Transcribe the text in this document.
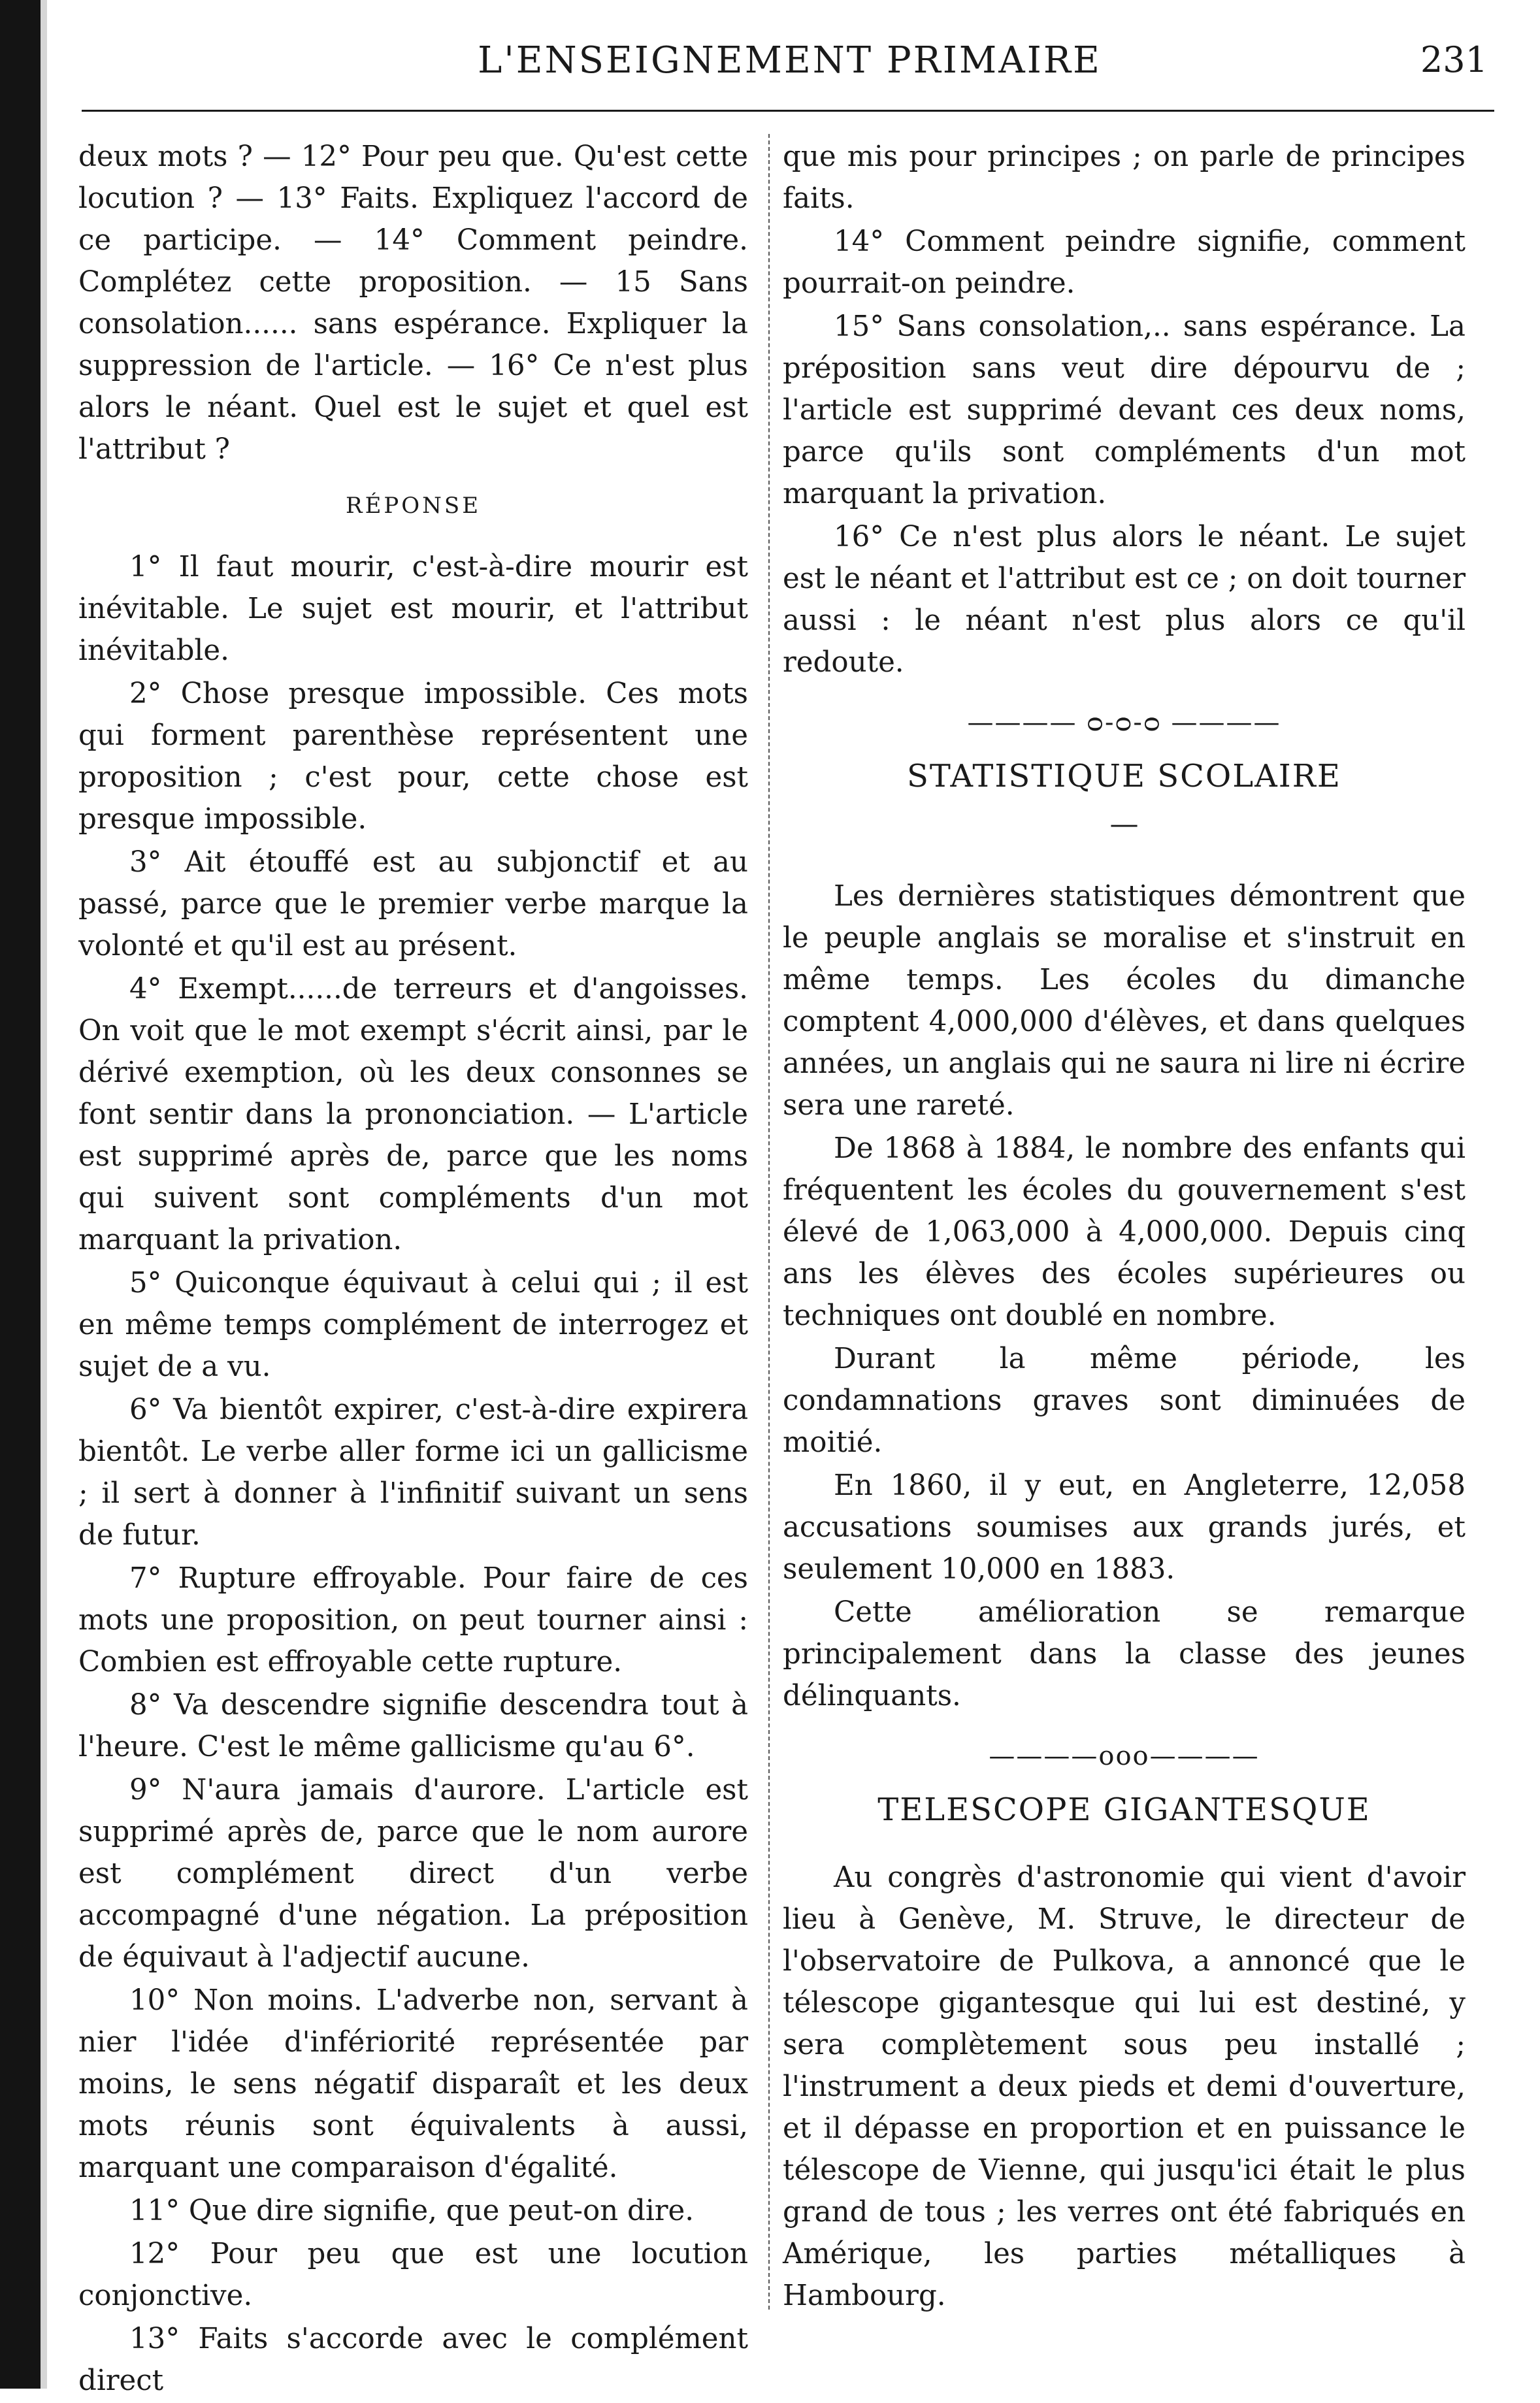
L'ENSEIGNEMENT PRIMAIRE	231

deux mots ? — 12° Pour peu que. Qu'est cette locution ? — 13° Faits. Expliquez l'accord de ce participe. — 14° Comment peindre. Complétez cette proposition. — 15 Sans consolation...... sans espérance. Expliquer la suppression de l'article. — 16° Ce n'est plus alors le néant. Quel est le sujet et quel est l'attribut ?

RÉPONSE

1° Il faut mourir, c'est-à-dire mourir est inévitable. Le sujet est mourir, et l'attribut inévitable.

2° Chose presque impossible. Ces mots qui forment parenthèse représentent une proposition ; c'est pour, cette chose est presque impossible.

3° Ait étouffé est au subjonctif et au passé, parce que le premier verbe marque la volonté et qu'il est au présent.

4° Exempt......de terreurs et d'angoisses. On voit que le mot exempt s'écrit ainsi, par le dérivé exemption, où les deux consonnes se font sentir dans la prononciation. — L'article est supprimé après de, parce que les noms qui suivent sont compléments d'un mot marquant la privation.

5° Quiconque équivaut à celui qui ; il est en même temps complément de interrogez et sujet de a vu.

6° Va bientôt expirer, c'est-à-dire expirera bientôt. Le verbe aller forme ici un gallicisme ; il sert à donner à l'infinitif suivant un sens de futur.

7° Rupture effroyable. Pour faire de ces mots une proposition, on peut tourner ainsi : Combien est effroyable cette rupture.

8° Va descendre signifie descendra tout à l'heure. C'est le même gallicisme qu'au 6°.

9° N'aura jamais d'aurore. L'article est supprimé après de, parce que le nom aurore est complément direct d'un verbe accompagné d'une négation. La préposition de équivaut à l'adjectif aucune.

10° Non moins. L'adverbe non, servant à nier l'idée d'infériorité représentée par moins, le sens négatif disparaît et les deux mots réunis sont équivalents à aussi, marquant une comparaison d'égalité.

11° Que dire signifie, que peut-on dire.

12° Pour peu que est une locution conjonctive.

13° Faits s'accorde avec le complément direct

que mis pour principes ; on parle de principes faits.

14° Comment peindre signifie, comment pourrait-on peindre.

15° Sans consolation,.. sans espérance. La préposition sans veut dire dépourvu de ; l'article est supprimé devant ces deux noms, parce qu'ils sont compléments d'un mot marquant la privation.

16° Ce n'est plus alors le néant. Le sujet est le néant et l'attribut est ce ; on doit tourner aussi : le néant n'est plus alors ce qu'il redoute.

———— ᴑ-ᴑ-ᴑ ————
STATISTIQUE SCOLAIRE
—

Les dernières statistiques démontrent que le peuple anglais se moralise et s'instruit en même temps. Les écoles du dimanche comptent 4,000,000 d'élèves, et dans quelques années, un anglais qui ne saura ni lire ni écrire sera une rareté.

De 1868 à 1884, le nombre des enfants qui fréquentent les écoles du gouvernement s'est élevé de 1,063,000 à 4,000,000. Depuis cinq ans les élèves des écoles supérieures ou techniques ont doublé en nombre.

Durant la même période, les condamnations graves sont diminuées de moitié.

En 1860, il y eut, en Angleterre, 12,058 accusations soumises aux grands jurés, et seulement 10,000 en 1883.

Cette amélioration se remarque principalement dans la classe des jeunes délinquants.

————ooo————
TELESCOPE GIGANTESQUE

Au congrès d'astronomie qui vient d'avoir lieu à Genève, M. Struve, le directeur de l'observatoire de Pulkova, a annoncé que le télescope gigantesque qui lui est destiné, y sera complètement sous peu installé ; l'instrument a deux pieds et demi d'ouverture, et il dépasse en proportion et en puissance le télescope de Vienne, qui jusqu'ici était le plus grand de tous ; les verres ont été fabriqués en Amérique, les parties métalliques à Hambourg.
